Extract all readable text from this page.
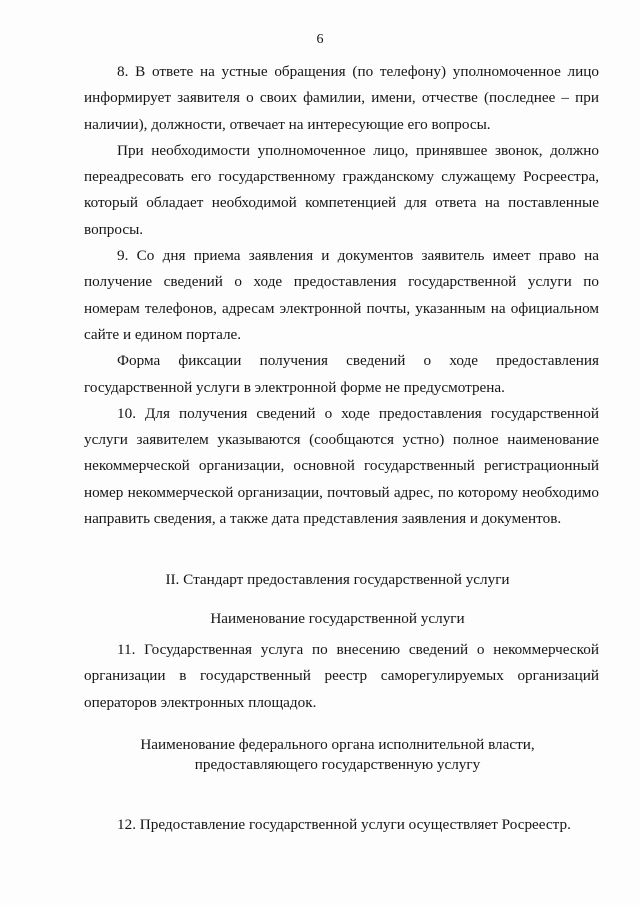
6

8. В ответе на устные обращения (по телефону) уполномоченное лицо информирует заявителя о своих фамилии, имени, отчестве (последнее – при наличии), должности, отвечает на интересующие его вопросы.

При необходимости уполномоченное лицо, принявшее звонок, должно переадресовать его государственному гражданскому служащему Росреестра, который обладает необходимой компетенцией для ответа на поставленные вопросы.

9. Со дня приема заявления и документов заявитель имеет право на получение сведений о ходе предоставления государственной услуги по номерам телефонов, адресам электронной почты, указанным на официальном сайте и едином портале.

Форма фиксации получения сведений о ходе предоставления государственной услуги в электронной форме не предусмотрена.

10. Для получения сведений о ходе предоставления государственной услуги заявителем указываются (сообщаются устно) полное наименование некоммерческой организации, основной государственный регистрационный номер некоммерческой организации, почтовый адрес, по которому необходимо направить сведения, а также дата представления заявления и документов.

II. Стандарт предоставления государственной услуги
Наименование государственной услуги

11. Государственная услуга по внесению сведений о некоммерческой организации в государственный реестр саморегулируемых организаций операторов электронных площадок.

Наименование федерального органа исполнительной власти,
предоставляющего государственную услугу

12. Предоставление государственной услуги осуществляет Росреестр.
